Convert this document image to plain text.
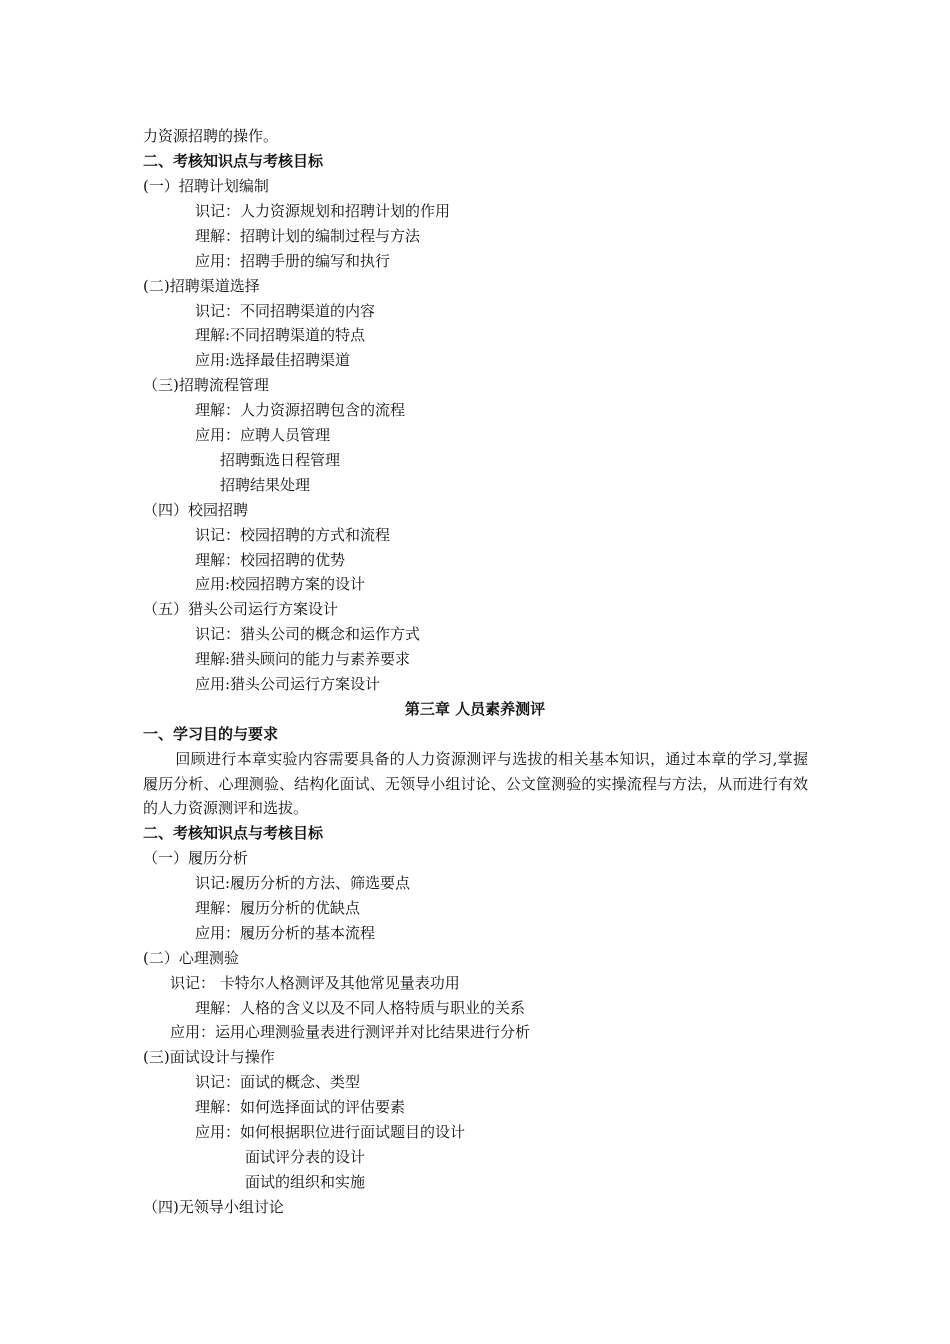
回顾进行本章实验内容需要具备的人力资源测评与选拔的相关基本知识，通过本章的学习,掌握履历分析、心理测验、结构化面试、无领导小组讨论、公文筐测验的实操流程与方法，从而进行有效的人力资源测评和选拔。
力资源招聘的操作。
二、考核知识点与考核目标
(一）招聘计划编制
识记：人力资源规划和招聘计划的作用
理解：招聘计划的编制过程与方法
应用：招聘手册的编写和执行
(二)招聘渠道选择
识记：不同招聘渠道的内容
理解:不同招聘渠道的特点
应用:选择最佳招聘渠道
（三)招聘流程管理
理解：人力资源招聘包含的流程
应用：应聘人员管理
招聘甄选日程管理
招聘结果处理
（四）校园招聘
识记：校园招聘的方式和流程
理解：校园招聘的优势
应用:校园招聘方案的设计
（五）猎头公司运行方案设计
识记：猎头公司的概念和运作方式
理解:猎头顾问的能力与素养要求
应用:猎头公司运行方案设计
第三章 人员素养测评
一、学习目的与要求
二、考核知识点与考核目标
（一）履历分析
识记:履历分析的方法、筛选要点
理解：履历分析的优缺点
应用：履历分析的基本流程
(二）心理测验
识记： 卡特尔人格测评及其他常见量表功用
理解：人格的含义以及不同人格特质与职业的关系
应用：运用心理测验量表进行测评并对比结果进行分析
(三)面试设计与操作
识记：面试的概念、类型
理解：如何选择面试的评估要素
应用：如何根据职位进行面试题目的设计
面试评分表的设计
面试的组织和实施
（四)无领导小组讨论
